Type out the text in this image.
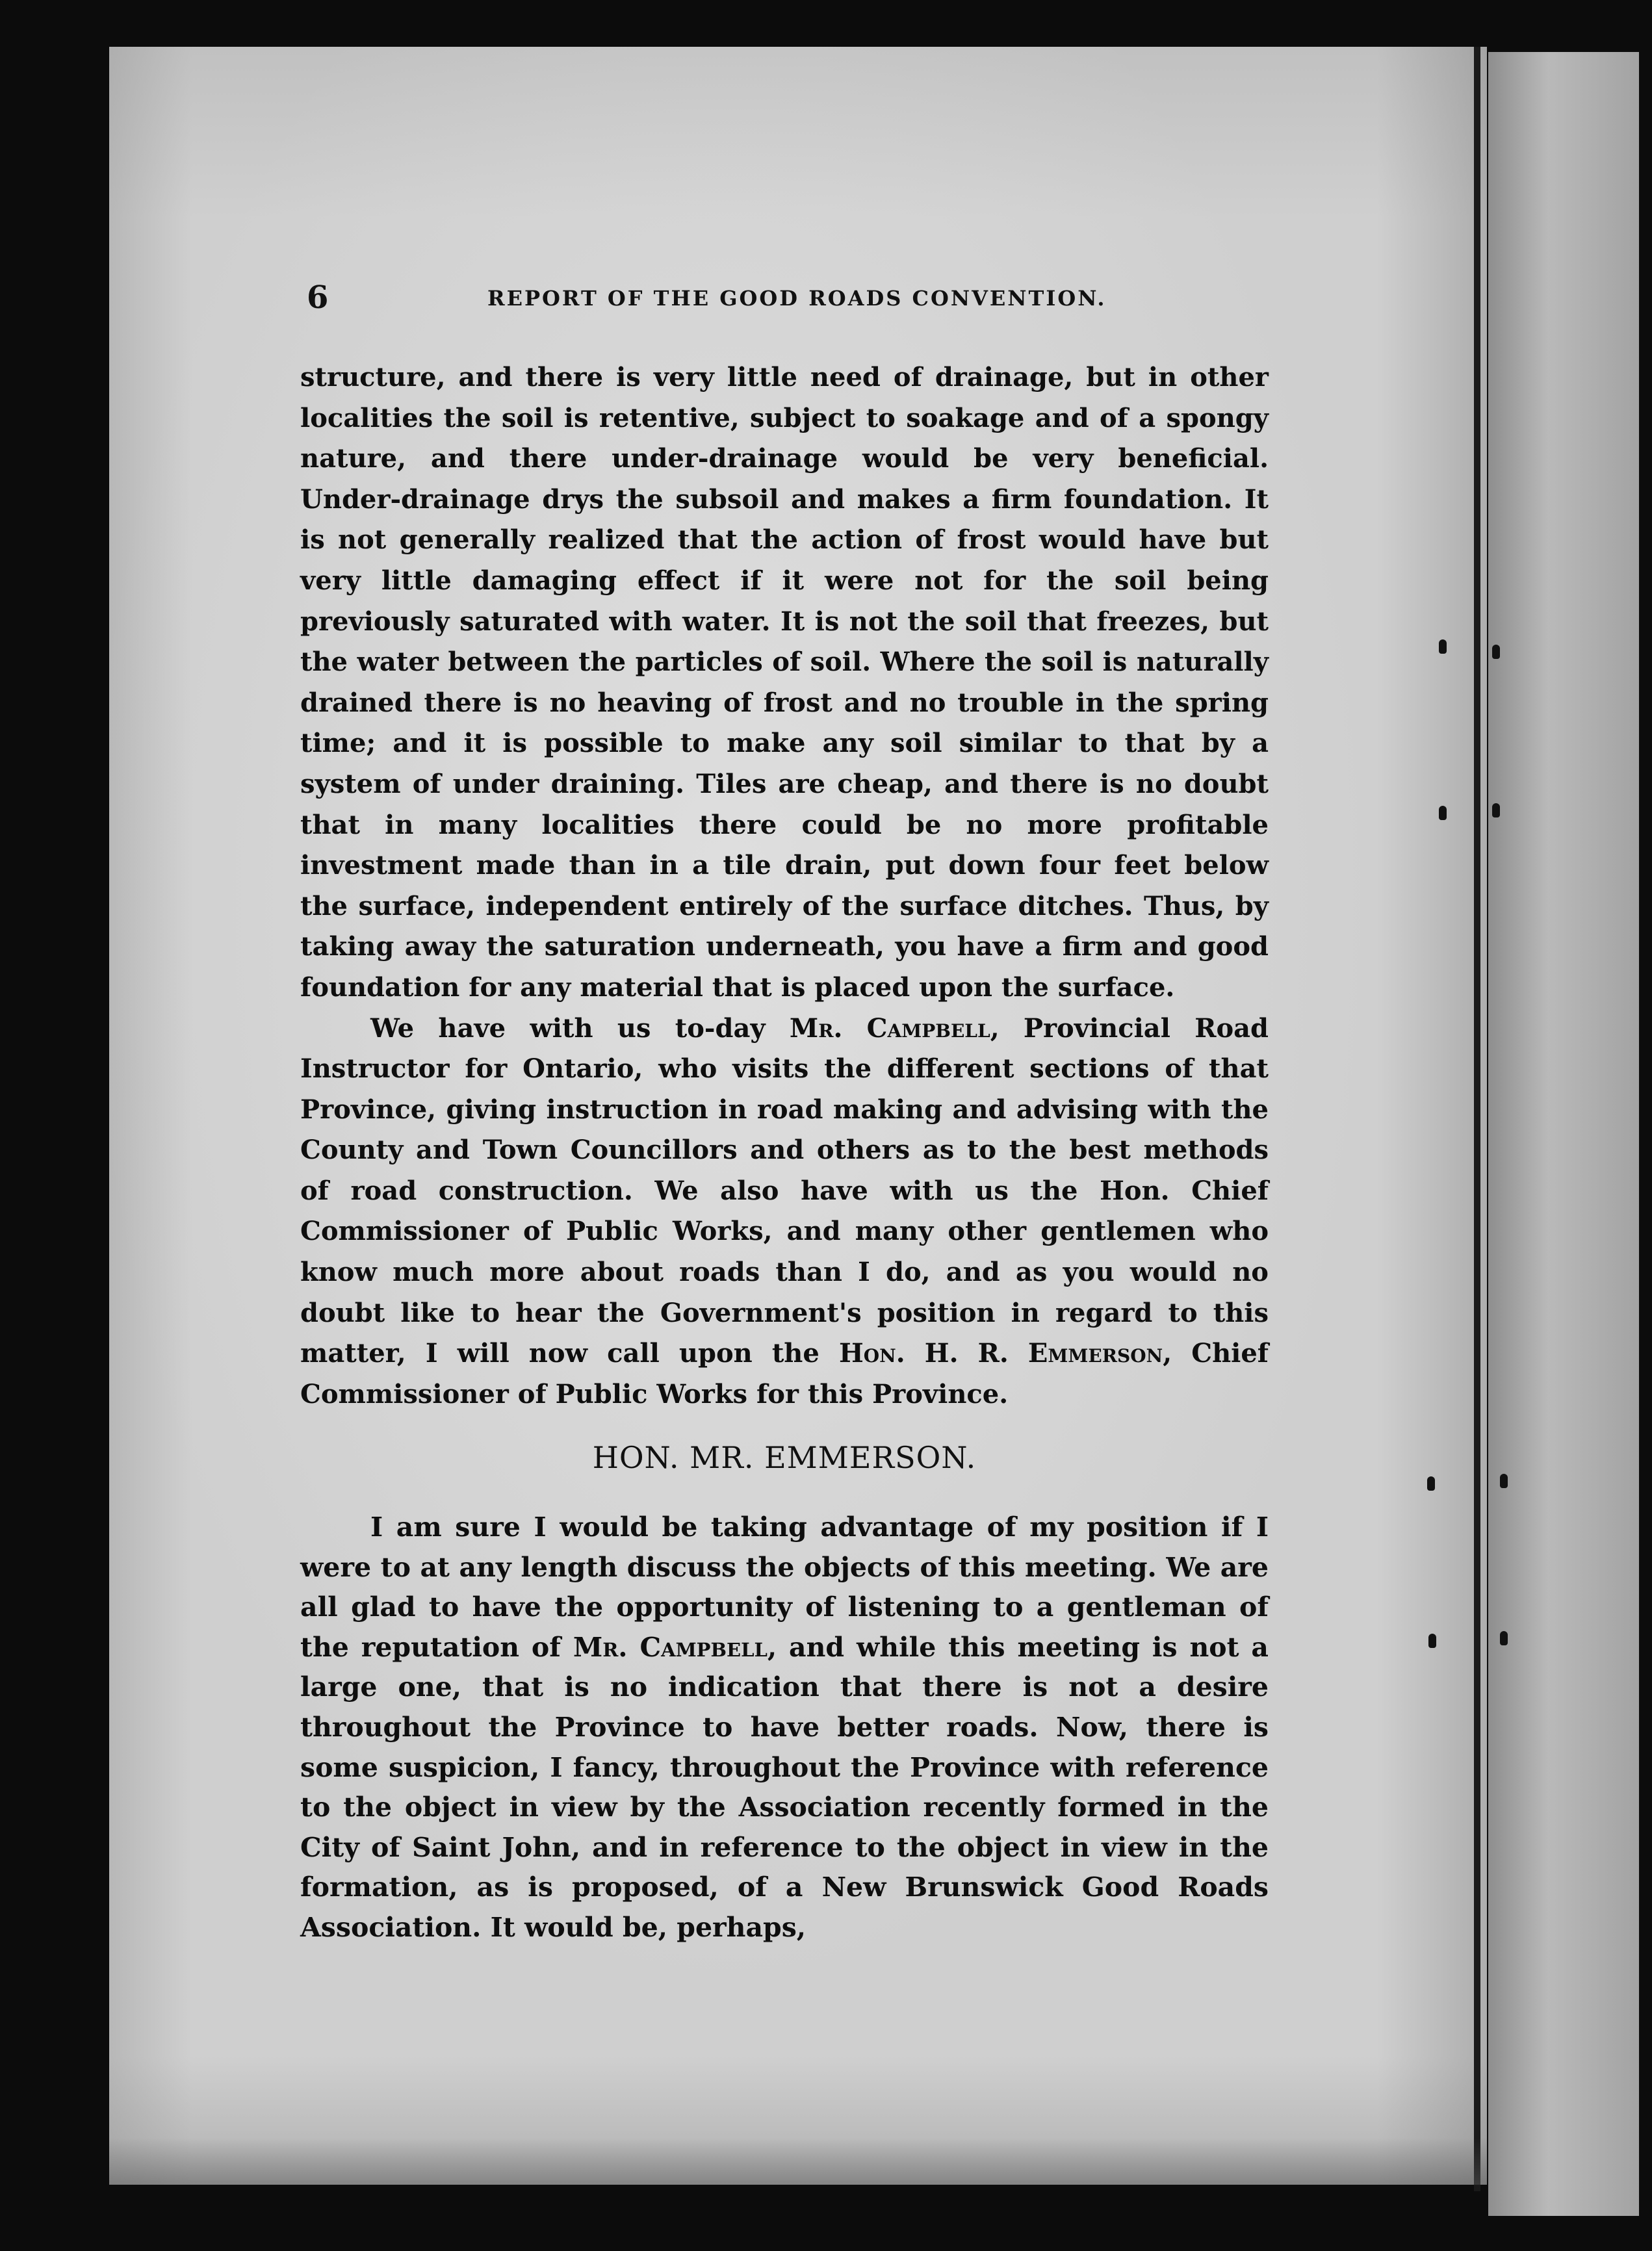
6	REPORT OF THE GOOD ROADS CONVENTION.

structure, and there is very little need of drainage, but in other localities the soil is retentive, subject to soakage and of a spongy nature, and there under-drainage would be very beneficial. Under-drainage drys the subsoil and makes a firm foundation. It is not generally realized that the action of frost would have but very little damaging effect if it were not for the soil being previously saturated with water. It is not the soil that freezes, but the water between the particles of soil. Where the soil is naturally drained there is no heaving of frost and no trouble in the spring time; and it is possible to make any soil similar to that by a system of under draining. Tiles are cheap, and there is no doubt that in many localities there could be no more profitable investment made than in a tile drain, put down four feet below the surface, independent entirely of the surface ditches. Thus, by taking away the saturation underneath, you have a firm and good foundation for any material that is placed upon the surface.

We have with us to-day Mr. Campbell, Provincial Road Instructor for Ontario, who visits the different sections of that Province, giving instruction in road making and advising with the County and Town Councillors and others as to the best methods of road construction. We also have with us the Hon. Chief Commissioner of Public Works, and many other gentlemen who know much more about roads than I do, and as you would no doubt like to hear the Government's position in regard to this matter, I will now call upon the Hon. H. R. Emmerson, Chief Commissioner of Public Works for this Province.

HON. MR. EMMERSON.

I am sure I would be taking advantage of my position if I were to at any length discuss the objects of this meeting. We are all glad to have the opportunity of listening to a gentleman of the reputation of Mr. Campbell, and while this meeting is not a large one, that is no indication that there is not a desire throughout the Province to have better roads. Now, there is some suspicion, I fancy, throughout the Province with reference to the object in view by the Association recently formed in the City of Saint John, and in reference to the object in view in the formation, as is proposed, of a New Brunswick Good Roads Association. It would be, perhaps,
